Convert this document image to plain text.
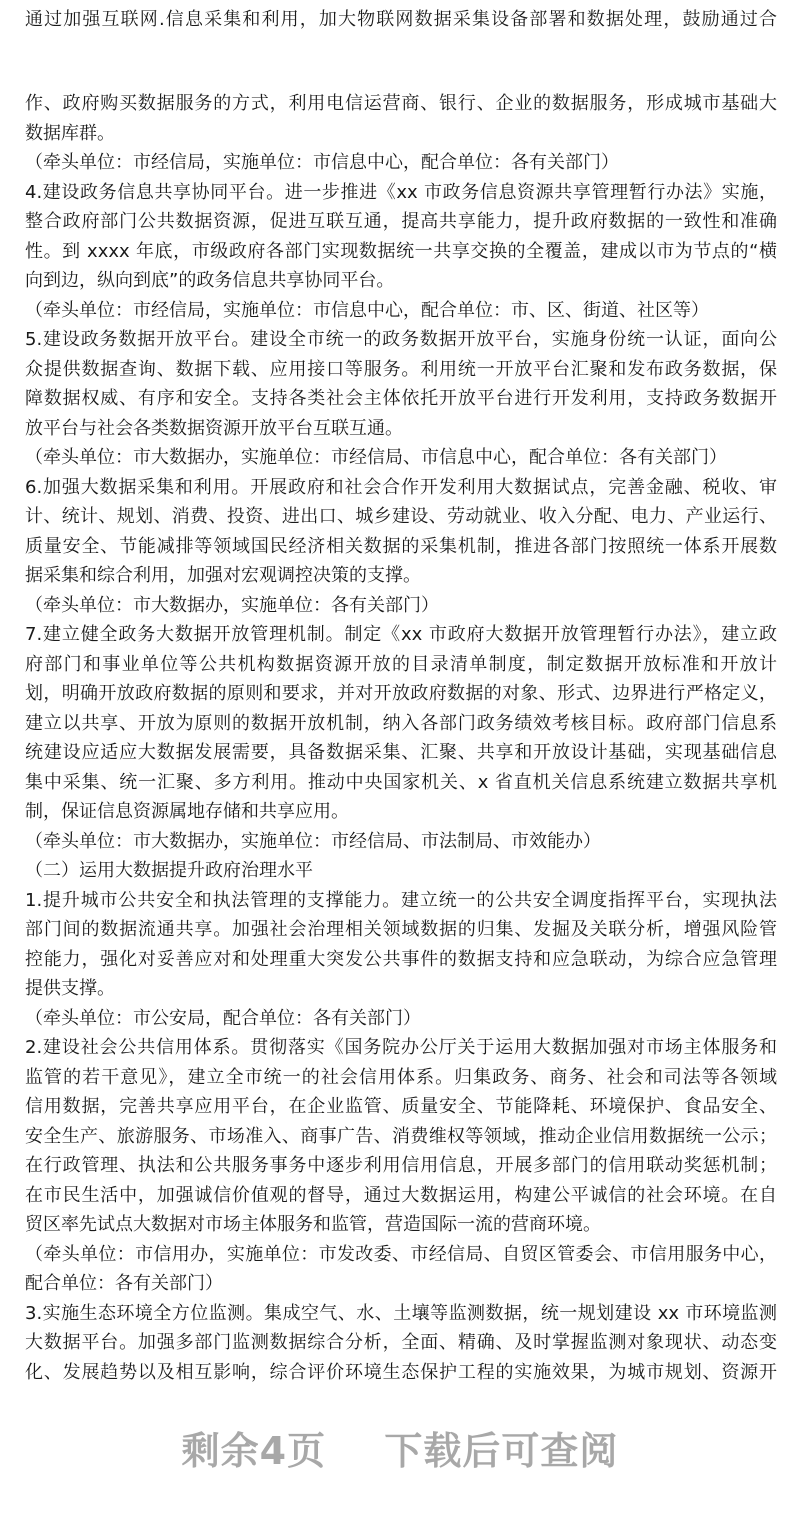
通过加强互联网.信息采集和利用，加大物联网数据采集设备部署和数据处理，鼓励通过合
作、政府购买数据服务的方式，利用电信运营商、银行、企业的数据服务，形成城市基础大
数据库群。
（牵头单位：市经信局，实施单位：市信息中心，配合单位：各有关部门）
4.建设政务信息共享协同平台。进一步推进《xx 市政务信息资源共享管理暂行办法》实施，
整合政府部门公共数据资源，促进互联互通，提高共享能力，提升政府数据的一致性和准确
性。到 xxxx 年底，市级政府各部门实现数据统一共享交换的全覆盖，建成以市为节点的“横
向到边，纵向到底”的政务信息共享协同平台。
（牵头单位：市经信局，实施单位：市信息中心，配合单位：市、区、街道、社区等）
5.建设政务数据开放平台。建设全市统一的政务数据开放平台，实施身份统一认证，面向公
众提供数据查询、数据下载、应用接口等服务。利用统一开放平台汇聚和发布政务数据，保
障数据权威、有序和安全。支持各类社会主体依托开放平台进行开发利用，支持政务数据开
放平台与社会各类数据资源开放平台互联互通。
（牵头单位：市大数据办，实施单位：市经信局、市信息中心，配合单位：各有关部门）
6.加强大数据采集和利用。开展政府和社会合作开发利用大数据试点，完善金融、税收、审
计、统计、规划、消费、投资、进出口、城乡建设、劳动就业、收入分配、电力、产业运行、
质量安全、节能减排等领域国民经济相关数据的采集机制，推进各部门按照统一体系开展数
据采集和综合利用，加强对宏观调控决策的支撑。
（牵头单位：市大数据办，实施单位：各有关部门）
7.建立健全政务大数据开放管理机制。制定《xx 市政府大数据开放管理暂行办法》，建立政
府部门和事业单位等公共机构数据资源开放的目录清单制度，制定数据开放标准和开放计
划，明确开放政府数据的原则和要求，并对开放政府数据的对象、形式、边界进行严格定义，
建立以共享、开放为原则的数据开放机制，纳入各部门政务绩效考核目标。政府部门信息系
统建设应适应大数据发展需要，具备数据采集、汇聚、共享和开放设计基础，实现基础信息
集中采集、统一汇聚、多方利用。推动中央国家机关、x 省直机关信息系统建立数据共享机
制，保证信息资源属地存储和共享应用。
（牵头单位：市大数据办，实施单位：市经信局、市法制局、市效能办）
（二）运用大数据提升政府治理水平
1.提升城市公共安全和执法管理的支撑能力。建立统一的公共安全调度指挥平台，实现执法
部门间的数据流通共享。加强社会治理相关领域数据的归集、发掘及关联分析，增强风险管
控能力，强化对妥善应对和处理重大突发公共事件的数据支持和应急联动，为综合应急管理
提供支撑。
（牵头单位：市公安局，配合单位：各有关部门）
2.建设社会公共信用体系。贯彻落实《国务院办公厅关于运用大数据加强对市场主体服务和
监管的若干意见》，建立全市统一的社会信用体系。归集政务、商务、社会和司法等各领域
信用数据，完善共享应用平台，在企业监管、质量安全、节能降耗、环境保护、食品安全、
安全生产、旅游服务、市场准入、商事广告、消费维权等领域，推动企业信用数据统一公示；
在行政管理、执法和公共服务事务中逐步利用信用信息，开展多部门的信用联动奖惩机制；
在市民生活中，加强诚信价值观的督导，通过大数据运用，构建公平诚信的社会环境。在自
贸区率先试点大数据对市场主体服务和监管，营造国际一流的营商环境。
（牵头单位：市信用办，实施单位：市发改委、市经信局、自贸区管委会、市信用服务中心，
配合单位：各有关部门）
3.实施生态环境全方位监测。集成空气、水、土壤等监测数据，统一规划建设 xx 市环境监测
大数据平台。加强多部门监测数据综合分析，全面、精确、及时掌握监测对象现状、动态变
化、发展趋势以及相互影响，综合评价环境生态保护工程的实施效果，为城市规划、资源开
剩余4页 下载后可查阅
